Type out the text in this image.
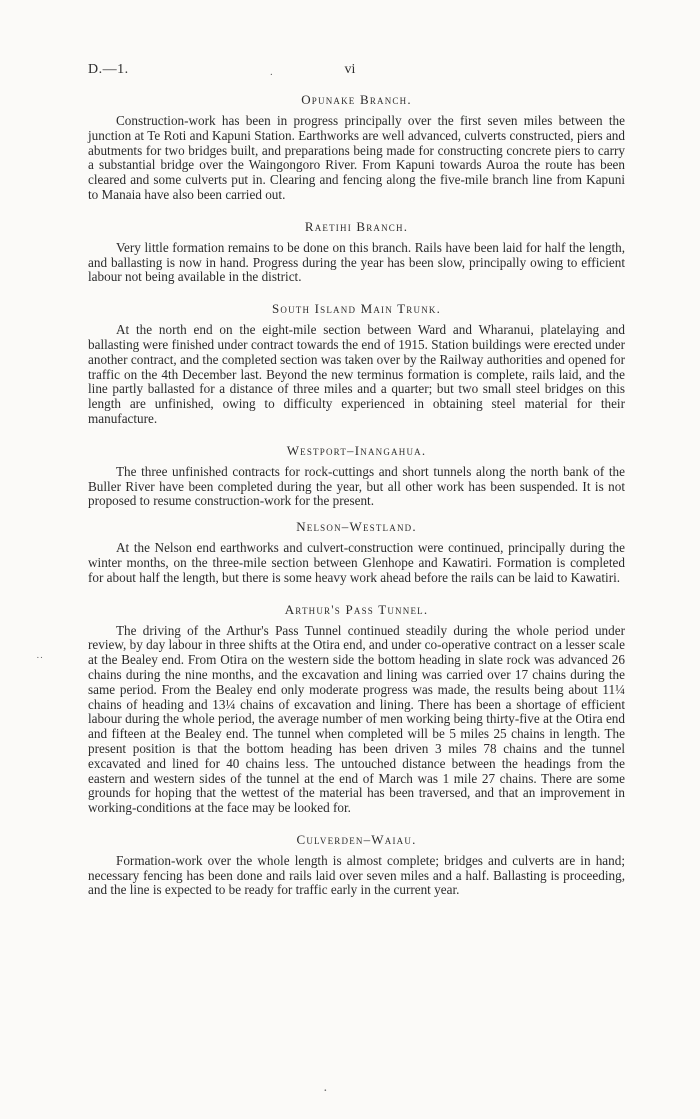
D.—1.	vi
.
˙˙
·
Opunake Branch.

Construction-work has been in progress principally over the first seven miles between the junction at Te Roti and Kapuni Station. Earthworks are well advanced, culverts constructed, piers and abutments for two bridges built, and preparations being made for constructing concrete piers to carry a substantial bridge over the Waingongoro River. From Kapuni towards Auroa the route has been cleared and some culverts put in. Clearing and fencing along the five-mile branch line from Kapuni to Manaia have also been carried out.

Raetihi Branch.

Very little formation remains to be done on this branch. Rails have been laid for half the length, and ballasting is now in hand. Progress during the year has been slow, principally owing to efficient labour not being available in the district.

South Island Main Trunk.

At the north end on the eight-mile section between Ward and Wharanui, platelaying and ballasting were finished under contract towards the end of 1915. Station buildings were erected under another contract, and the completed section was taken over by the Railway authorities and opened for traffic on the 4th December last. Beyond the new terminus formation is complete, rails laid, and the line partly ballasted for a distance of three miles and a quarter; but two small steel bridges on this length are unfinished, owing to difficulty experienced in obtaining steel material for their manufacture.

Westport–Inangahua.

The three unfinished contracts for rock-cuttings and short tunnels along the north bank of the Buller River have been completed during the year, but all other work has been suspended. It is not proposed to resume construction-work for the present.

Nelson–Westland.

At the Nelson end earthworks and culvert-construction were continued, principally during the winter months, on the three-mile section between Glenhope and Kawatiri. Formation is completed for about half the length, but there is some heavy work ahead before the rails can be laid to Kawatiri.

Arthur's Pass Tunnel.

The driving of the Arthur's Pass Tunnel continued steadily during the whole period under review, by day labour in three shifts at the Otira end, and under co-operative contract on a lesser scale at the Bealey end. From Otira on the western side the bottom heading in slate rock was advanced 26 chains during the nine months, and the excavation and lining was carried over 17 chains during the same period. From the Bealey end only moderate progress was made, the results being about 11¼ chains of heading and 13¼ chains of excavation and lining. There has been a shortage of efficient labour during the whole period, the average number of men working being thirty-five at the Otira end and fifteen at the Bealey end. The tunnel when completed will be 5 miles 25 chains in length. The present position is that the bottom heading has been driven 3 miles 78 chains and the tunnel excavated and lined for 40 chains less. The untouched distance between the headings from the eastern and western sides of the tunnel at the end of March was 1 mile 27 chains. There are some grounds for hoping that the wettest of the material has been traversed, and that an improvement in working-conditions at the face may be looked for.

Culverden–Waiau.

Formation-work over the whole length is almost complete; bridges and culverts are in hand; necessary fencing has been done and rails laid over seven miles and a half. Ballasting is proceeding, and the line is expected to be ready for traffic early in the current year.
